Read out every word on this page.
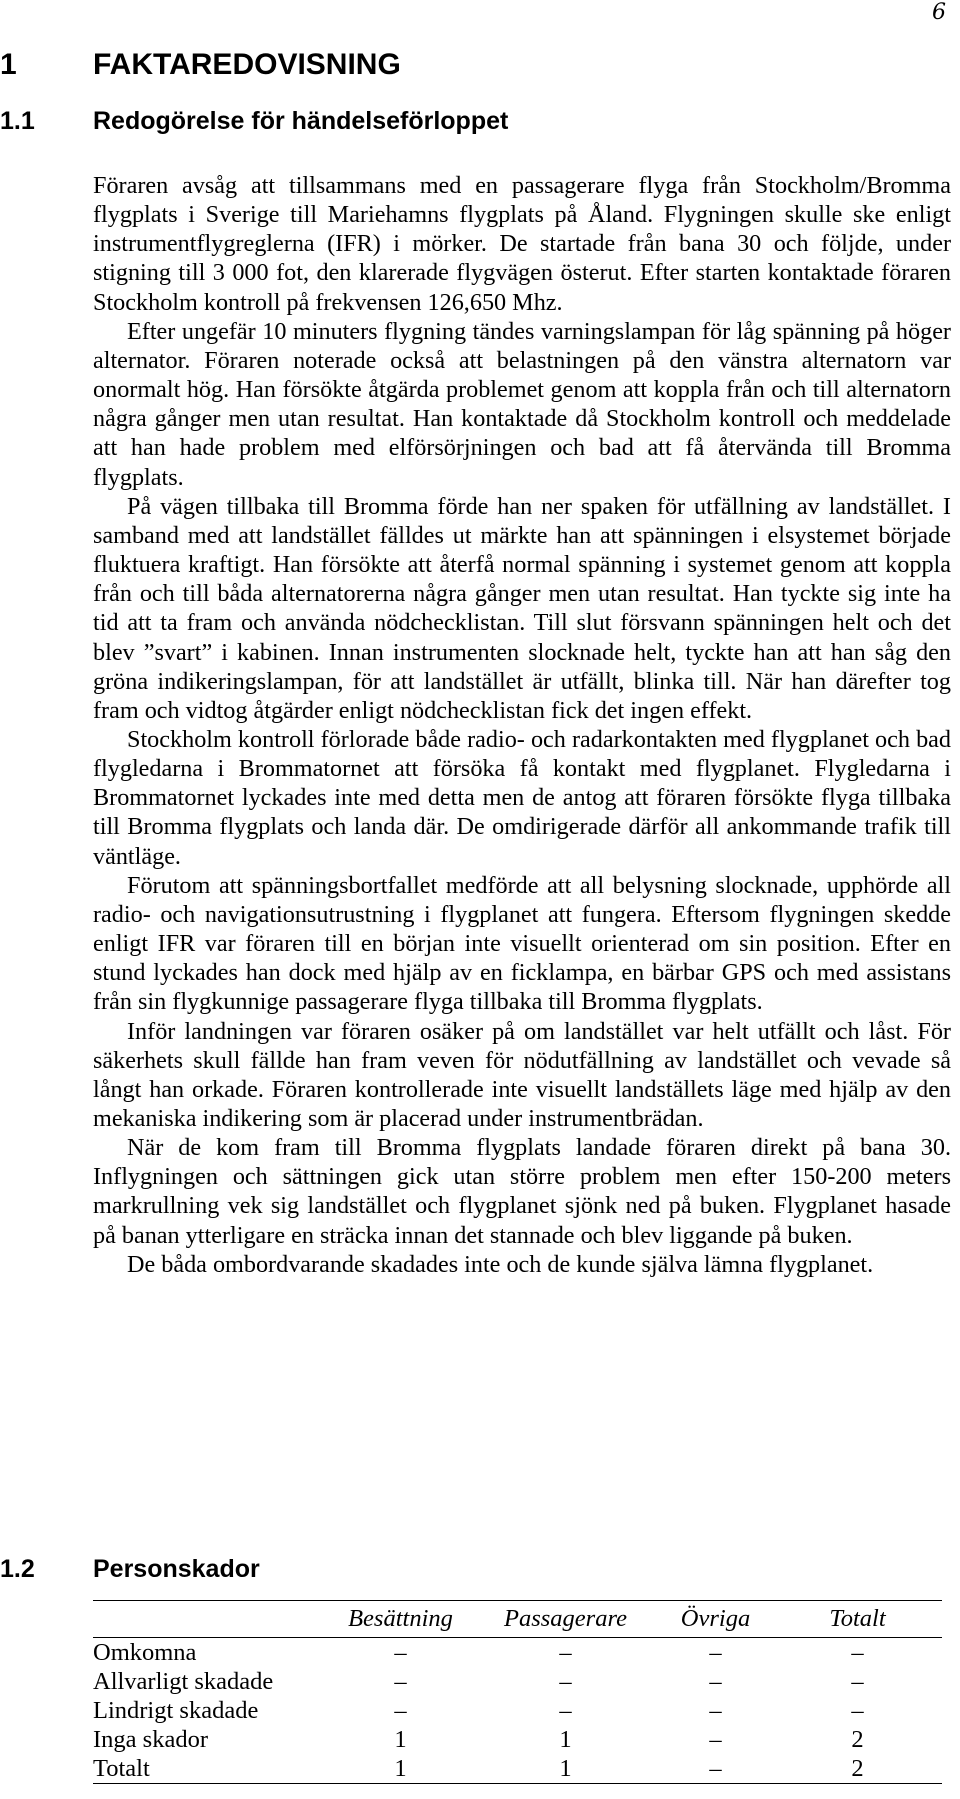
6
1	FAKTAREDOVISNING
1.1 Redogörelse för händelseförloppet

Föraren avsåg att tillsammans med en passagerare flyga från Stockholm/Bromma flygplats i Sverige till Mariehamns flygplats på Åland. Flygningen skulle ske enligt instrumentflygreglerna (IFR) i mörker. De startade från bana 30 och följde, under stigning till 3 000 fot, den klarerade flygvägen österut. Efter starten kontaktade föraren Stockholm kontroll på frekvensen 126,650 Mhz.

Efter ungefär 10 minuters flygning tändes varningslampan för låg spänning på höger alternator. Föraren noterade också att belastningen på den vänstra alternatorn var onormalt hög. Han försökte åtgärda problemet genom att koppla från och till alternatorn några gånger men utan resultat. Han kontaktade då Stockholm kontroll och meddelade att han hade problem med elförsörjningen och bad att få återvända till Bromma flygplats.

På vägen tillbaka till Bromma förde han ner spaken för utfällning av landstället. I samband med att landstället fälldes ut märkte han att spänningen i elsystemet började fluktuera kraftigt. Han försökte att återfå normal spänning i systemet genom att koppla från och till båda alternatorerna några gånger men utan resultat. Han tyckte sig inte ha tid att ta fram och använda nödchecklistan. Till slut försvann spänningen helt och det blev ”svart” i kabinen. Innan instrumenten slocknade helt, tyckte han att han såg den gröna indikeringslampan, för att landstället är utfällt, blinka till. När han därefter tog fram och vidtog åtgärder enligt nödchecklistan fick det ingen effekt.

Stockholm kontroll förlorade både radio- och radarkontakten med flygplanet och bad flygledarna i Brommatornet att försöka få kontakt med flygplanet. Flygledarna i Brommatornet lyckades inte med detta men de antog att föraren försökte flyga tillbaka till Bromma flygplats och landa där. De omdirigerade därför all ankommande trafik till väntläge.

Förutom att spänningsbortfallet medförde att all belysning slocknade, upphörde all radio- och navigationsutrustning i flygplanet att fungera. Eftersom flygningen skedde enligt IFR var föraren till en början inte visuellt orienterad om sin position. Efter en stund lyckades han dock med hjälp av en ficklampa, en bärbar GPS och med assistans från sin flygkunnige passagerare flyga tillbaka till Bromma flygplats.

Inför landningen var föraren osäker på om landstället var helt utfällt och låst. För säkerhets skull fällde han fram veven för nödutfällning av landstället och vevade så långt han orkade. Föraren kontrollerade inte visuellt landställets läge med hjälp av den mekaniska indikering som är placerad under instrumentbrädan.

När de kom fram till Bromma flygplats landade föraren direkt på bana 30. Inflygningen och sättningen gick utan större problem men efter 150-200 meters markrullning vek sig landstället och flygplanet sjönk ned på buken. Flygplanet hasade på banan ytterligare en sträcka innan det stannade och blev liggande på buken.

De båda ombordvarande skadades inte och de kunde själva lämna flygplanet.

1.2 Personskador
	Besättning	Passagerare	Övriga	Totalt
Omkomna	–	–	–	–
Allvarligt skadade	–	–	–	–
Lindrigt skadade	–	–	–	–
Inga skador	1	1	–	2
Totalt	1	1	–	2
